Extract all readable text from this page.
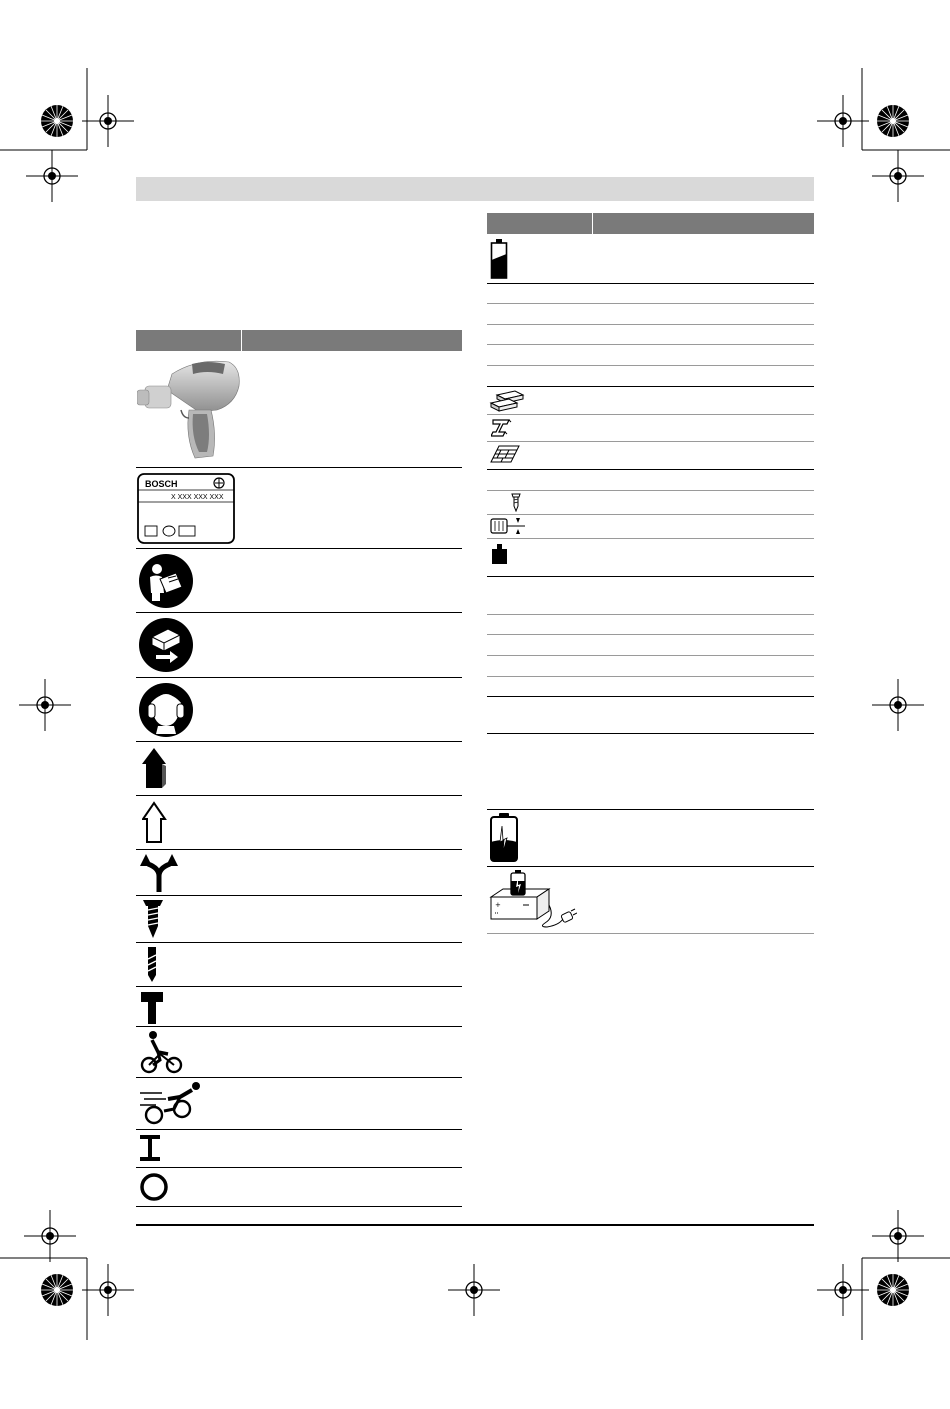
BOSCH
X XXX XXX XXX
+
